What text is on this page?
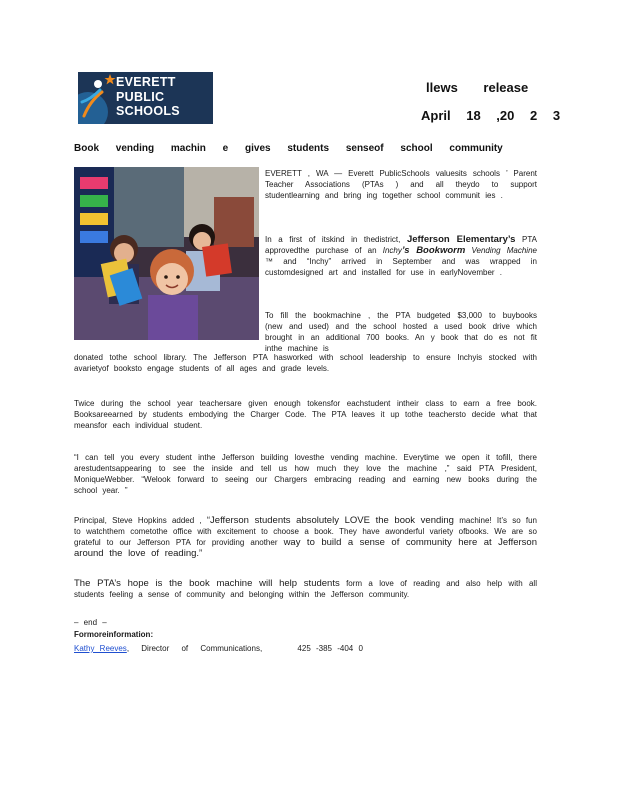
EVERETT
PUBLIC
SCHOOLS
llews release
April 18 ,20 2 3
Book vending machin e gives students senseof school community
EVERETT , WA — Everett PublicSchools valuesits schools ’ Parent Teacher Associations (PTAs ) and all theydo to support studentlearning and bring ing together school communit ies .
In a first of itskind in thedistrict, Jefferson Elementary’s PTA approvedthe purchase of an Inchy’s Bookworm Vending Machine ™ and “Inchy” arrived in September and was wrapped in customdesigned art and installed for use in earlyNovember .
To fill the bookmachine , the PTA budgeted $3,000 to buybooks (new and used) and the school hosted a used book drive which brought in an additional 700 books. An y book that do es not fit inthe machine is
donated tothe school library. The Jefferson PTA hasworked with school leadership to ensure Inchyis stocked with avarietyof booksto engage students of all ages and grade levels.
Twice during the school year teachersare given enough tokensfor eachstudent intheir class to earn a free book. Booksareearned by students embodying the Charger Code. The PTA leaves it up tothe teachersto decide what that meansfor each individual student.
“I can tell you every student inthe Jefferson building lovesthe vending machine. Everytime we open it tofill, there arestudentsappearing to see the inside and tell us how much they love the machine ,” said PTA President, MoniqueWebber. “Welook forward to seeing our Chargers embracing reading and earning new books during the school year. ”
Principal, Steve Hopkins added , “Jefferson students absolutely LOVE the book vending machine! It’s so fun to watchthem cometothe office with excitement to choose a book. They have awonderful variety ofbooks. We are so grateful to our Jefferson PTA for providing another way to build a sense of community here at Jefferson around the love of reading.”
The PTA’s hope is the book machine will help students form a love of reading and also help with all students feeling a sense of community and belonging within the Jefferson community.
– end –
Formoreinformation:
Kathy Reeves, Director of Communications,	425 -385 -404 0
